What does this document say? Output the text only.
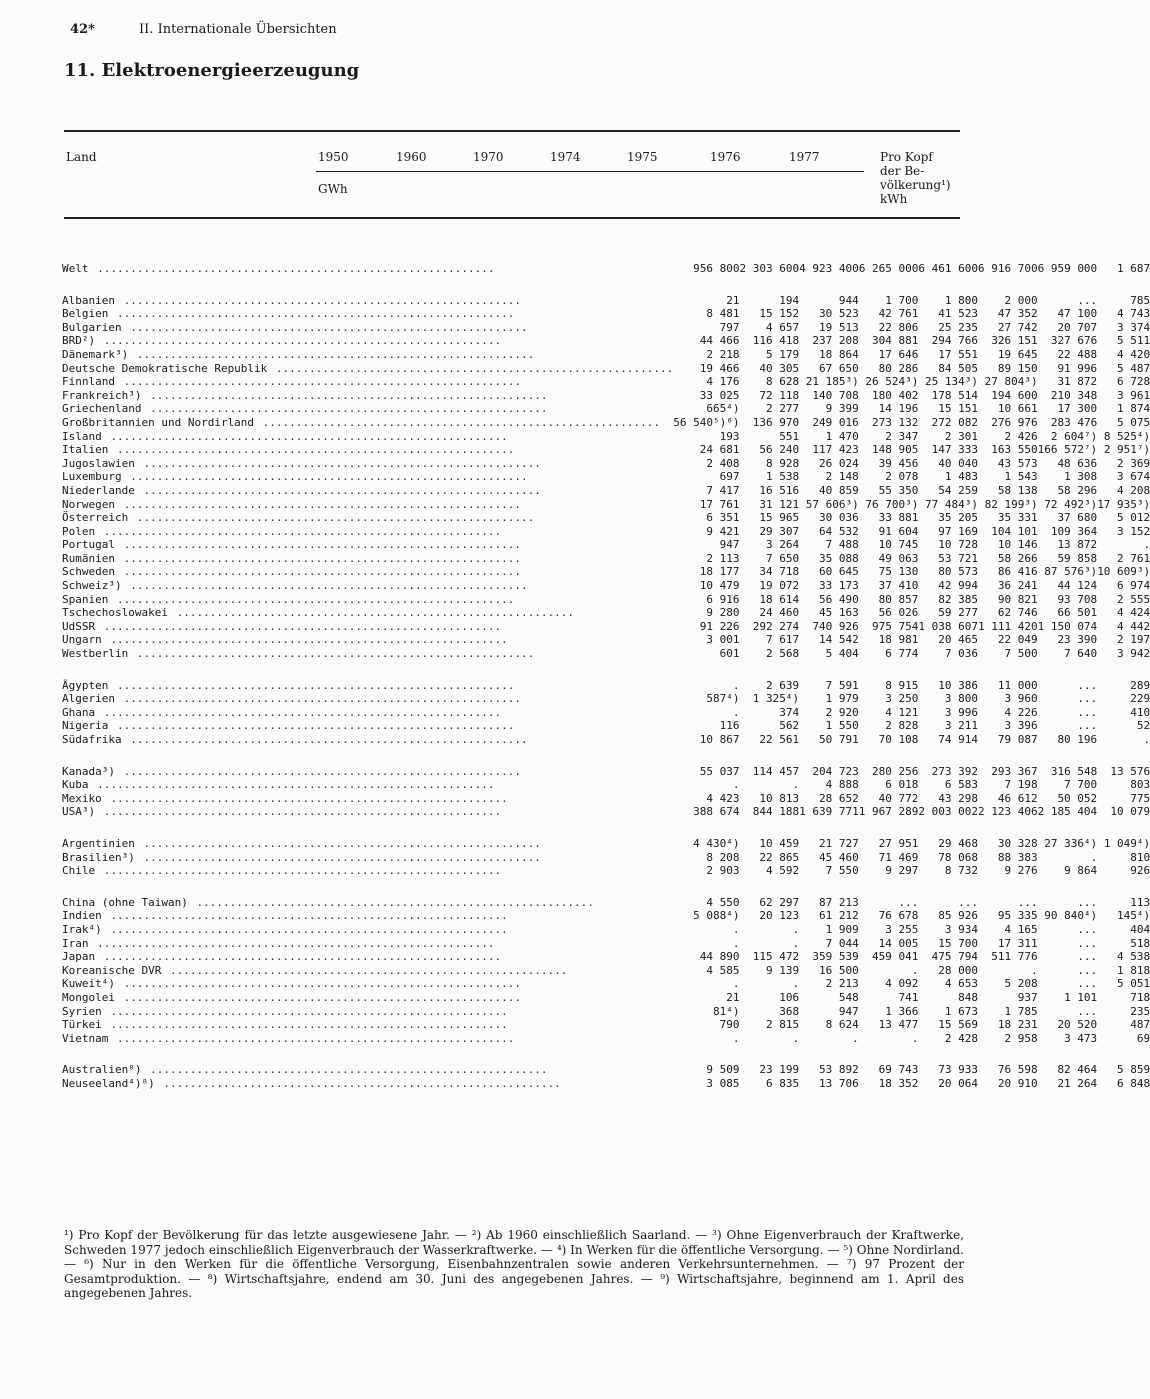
42*	II. Internationale Übersichten
11. Elektroenergieerzeugung
Land	1950	1960	1970	1974	1975	1976	1977
GWh
Pro Kopf
der Be-
völkerung¹)
kWh
Welt ............................................................	956 800	2 303 600	4 923 400	6 265 000	6 461 600	6 916 700	6 959 000	1 687

Albanien ............................................................	21	194	944	1 700	1 800	2 000	...	785
Belgien ............................................................	8 481	15 152	30 523	42 761	41 523	47 352	47 100	4 743
Bulgarien ............................................................	797	4 657	19 513	22 806	25 235	27 742	20 707	3 374
BRD²) ............................................................	44 466	116 418	237 208	304 881	294 766	326 151	327 676	5 511
Dänemark³) ............................................................	2 218	5 179	18 864	17 646	17 551	19 645	22 488	4 420
Deutsche Demokratische Republik ............................................................	19 466	40 305	67 650	80 286	84 505	89 150	91 996	5 487
Finnland ............................................................	4 176	8 628	21 185³)	26 524³)	25 134³)	27 804³)	31 872	6 728
Frankreich³) ............................................................	33 025	72 118	140 708	180 402	178 514	194 600	210 348	3 961
Griechenland ............................................................	665⁴)	2 277	9 399	14 196	15 151	10 661	17 300	1 874
Großbritannien und Nordirland ............................................................	56 540⁵)⁶)	136 970	249 016	273 132	272 082	276 976	283 476	5 075
Island ............................................................	193	551	1 470	2 347	2 301	2 426	2 604⁷)	8 525⁴)
Italien ............................................................	24 681	56 240	117 423	148 905	147 333	163 550	166 572⁷)	2 951⁷)
Jugoslawien ............................................................	2 408	8 928	26 024	39 456	40 040	43 573	48 636	2 369
Luxemburg ............................................................	697	1 538	2 148	2 078	1 483	1 543	1 308	3 674
Niederlande ............................................................	7 417	16 516	40 859	55 350	54 259	58 138	58 296	4 208
Norwegen ............................................................	17 761	31 121	57 606³)	76 700³)	77 484³)	82 199³)	72 492³)	17 935³)
Österreich ............................................................	6 351	15 965	30 036	33 881	35 205	35 331	37 680	5 012
Polen ............................................................	9 421	29 307	64 532	91 604	97 169	104 101	109 364	3 152
Portugal ............................................................	947	3 264	7 488	10 745	10 728	10 146	13 872	.
Rumänien ............................................................	2 113	7 650	35 088	49 063	53 721	58 266	59 858	2 761
Schweden ............................................................	18 177	34 718	60 645	75 130	80 573	86 416	87 576³)	10 609³)
Schweiz³) ............................................................	10 479	19 072	33 173	37 410	42 994	36 241	44 124	6 974
Spanien ............................................................	6 916	18 614	56 490	80 857	82 385	90 821	93 708	2 555
Tschechoslowakei ............................................................	9 280	24 460	45 163	56 026	59 277	62 746	66 501	4 424
UdSSR ............................................................	91 226	292 274	740 926	975 754	1 038 607	1 111 420	1 150 074	4 442
Ungarn ............................................................	3 001	7 617	14 542	18 981	20 465	22 049	23 390	2 197
Westberlin ............................................................	601	2 568	5 404	6 774	7 036	7 500	7 640	3 942

Ägypten ............................................................	.	2 639	7 591	8 915	10 386	11 000	...	289
Algerien ............................................................	587⁴)	1 325⁴)	1 979	3 250	3 800	3 960	...	229
Ghana ............................................................	.	374	2 920	4 121	3 996	4 226	...	410
Nigeria ............................................................	116	562	1 550	2 828	3 211	3 396	...	52
Südafrika ............................................................	10 867	22 561	50 791	70 108	74 914	79 087	80 196	.

Kanada³) ............................................................	55 037	114 457	204 723	280 256	273 392	293 367	316 548	13 576
Kuba ............................................................	.	.	4 888	6 018	6 583	7 198	7 700	803
Mexiko ............................................................	4 423	10 813	28 652	40 772	43 298	46 612	50 052	775
USA³) ............................................................	388 674	844 188	1 639 771	1 967 289	2 003 002	2 123 406	2 185 404	10 079

Argentinien ............................................................	4 430⁴)	10 459	21 727	27 951	29 468	30 328	27 336⁴)	1 049⁴)
Brasilien³) ............................................................	8 208	22 865	45 460	71 469	78 068	88 383	.	810
Chile ............................................................	2 903	4 592	7 550	9 297	8 732	9 276	9 864	926

China (ohne Taiwan) ............................................................	4 550	62 297	87 213	...	...	...	...	113
Indien ............................................................	5 088⁴)	20 123	61 212	76 678	85 926	95 335	90 840⁴)	145⁴)
Irak⁴) ............................................................	.	.	1 909	3 255	3 934	4 165	...	404
Iran ............................................................	.	.	7 044	14 005	15 700	17 311	...	518
Japan ............................................................	44 890	115 472	359 539	459 041	475 794	511 776	...	4 538
Koreanische DVR ............................................................	4 585	9 139	16 500	.	28 000	.	...	1 818
Kuweit⁴) ............................................................	.	.	2 213	4 092	4 653	5 208	...	5 051
Mongolei ............................................................	21	106	548	741	848	937	1 101	718
Syrien ............................................................	81⁴)	368	947	1 366	1 673	1 785	...	235
Türkei ............................................................	790	2 815	8 624	13 477	15 569	18 231	20 520	487
Vietnam ............................................................	.	.	.	.	2 428	2 958	3 473	69

Australien⁸) ............................................................	9 509	23 199	53 892	69 743	73 933	76 598	82 464	5 859
Neuseeland⁴)⁸) ............................................................	3 085	6 835	13 706	18 352	20 064	20 910	21 264	6 848

¹) Pro Kopf der Bevölkerung für das letzte ausgewiesene Jahr. — ²) Ab 1960 einschließlich Saarland. — ³) Ohne Eigenverbrauch der Kraftwerke, Schweden 1977 jedoch einschließlich Eigenverbrauch der Wasserkraftwerke. — ⁴) In Werken für die öffentliche Versorgung. — ⁵) Ohne Nordirland. — ⁶) Nur in den Werken für die öffentliche Versorgung, Eisenbahnzentralen sowie anderen Verkehrsunternehmen. — ⁷) 97 Prozent der Gesamtproduktion. — ⁸) Wirtschaftsjahre, endend am 30. Juni des angegebenen Jahres. — ⁹) Wirtschaftsjahre, beginnend am 1. April des angegebenen Jahres.
